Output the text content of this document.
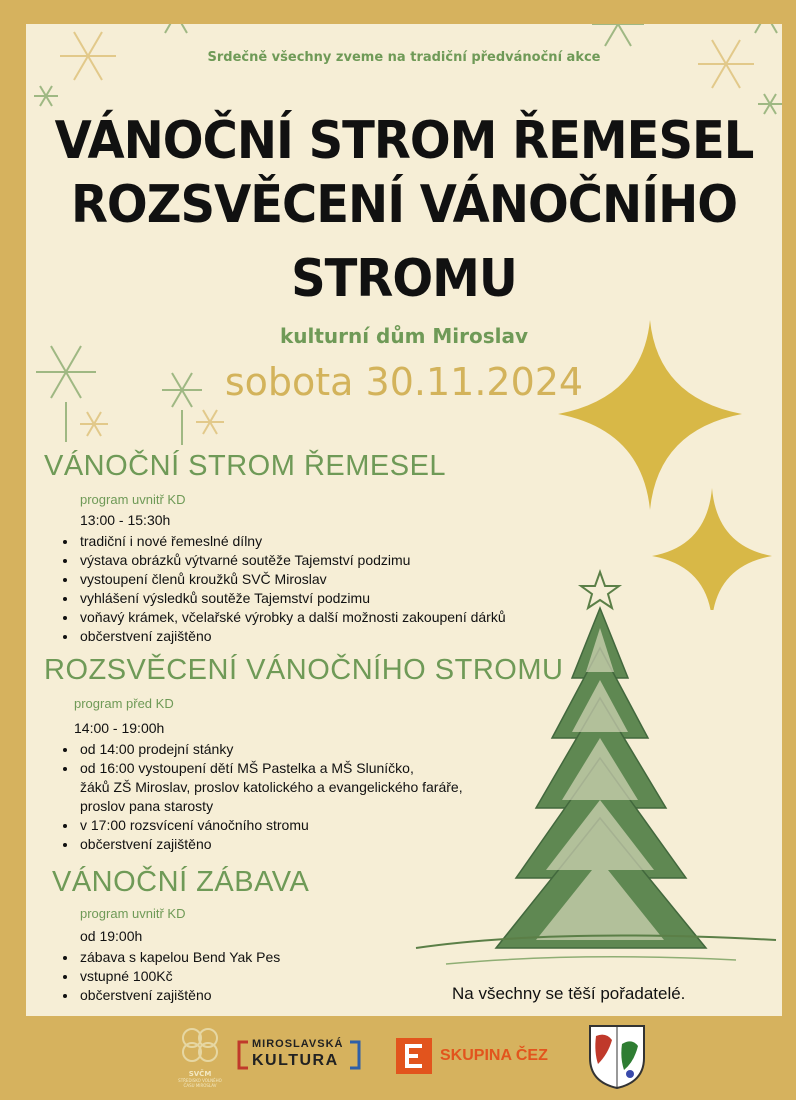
Srdečně všechny zveme na tradiční předvánoční akce
VÁNOČNÍ STROM ŘEMESEL
ROZSVĚCENÍ VÁNOČNÍHO
STROMU
kulturní dům Miroslav
sobota 30.11.2024
VÁNOČNÍ STROM ŘEMESEL
program uvnitř KD
13:00 - 15:30h
• tradiční i nové řemeslné dílny
• výstava obrázků výtvarné soutěže Tajemství podzimu
• vystoupení členů kroužků SVČ Miroslav
• vyhlášení výsledků soutěže Tajemství podzimu
• voňavý krámek, včelařské výrobky a další možnosti zakoupení dárků
• občerstvení zajištěno
ROZSVĚCENÍ VÁNOČNÍHO STROMU
program před KD
14:00 - 19:00h
• od 14:00 prodejní stánky
• od 16:00 vystoupení dětí MŠ Pastelka a MŠ Sluníčko,
žáků ZŠ Miroslav, proslov katolického a evangelického faráře,
proslov pana starosty
• v 17:00 rozsvícení vánočního stromu
• občerstvení zajištěno
VÁNOČNÍ ZÁBAVA
program uvnitř KD
od 19:00h
• zábava s kapelou Bend Yak Pes
• vstupné 100Kč
• občerstvení zajištěno	Na všechny se těší pořadatelé.
SVČM
STŘEDISKO VOLNÉHO ČASU MIROSLAV
MIROSLAVSKÁ
KULTURA	SKUPINA ČEZ
